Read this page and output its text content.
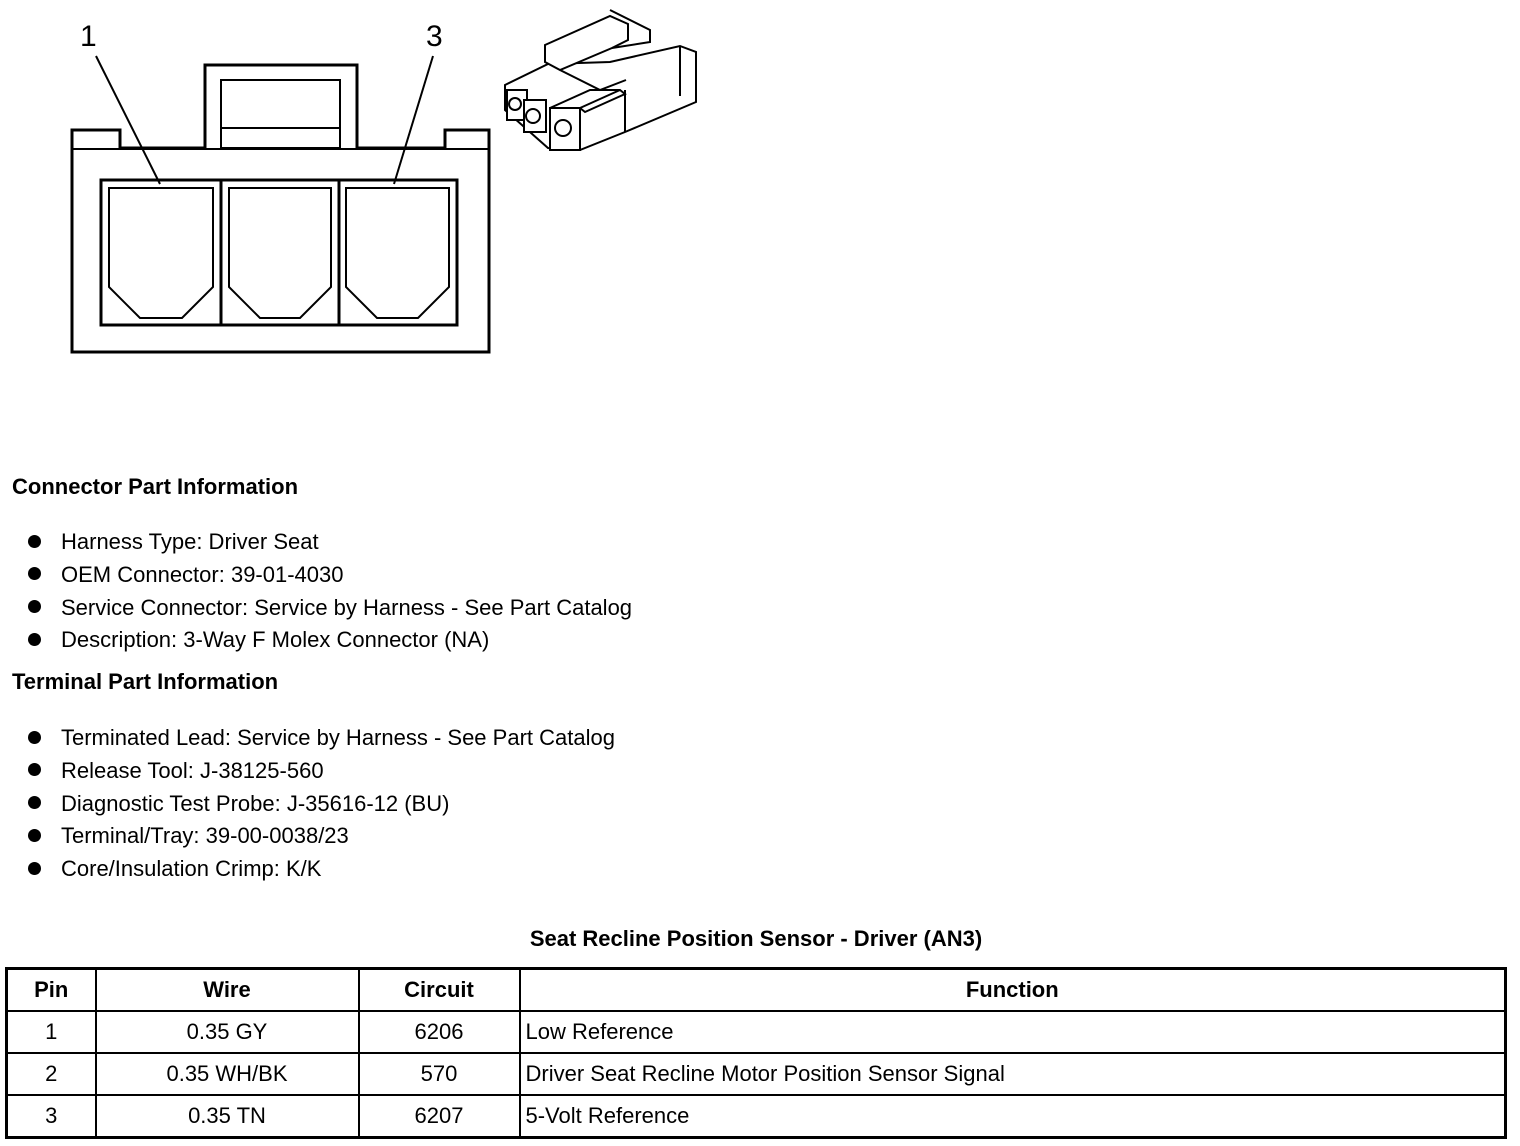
1	3
Connector Part Information
Harness Type: Driver Seat
OEM Connector: 39-01-4030
Service Connector: Service by Harness - See Part Catalog
Description: 3-Way F Molex Connector (NA)
Terminal Part Information
Terminated Lead: Service by Harness - See Part Catalog
Release Tool: J-38125-560
Diagnostic Test Probe: J-35616-12 (BU)
Terminal/Tray: 39-00-0038/23
Core/Insulation Crimp: K/K
Seat Recline Position Sensor - Driver (AN3)
Pin	Wire	Circuit	Function
1	0.35 GY	6206	Low Reference
2	0.35 WH/BK	570	Driver Seat Recline Motor Position Sensor Signal
3	0.35 TN	6207	5-Volt Reference
